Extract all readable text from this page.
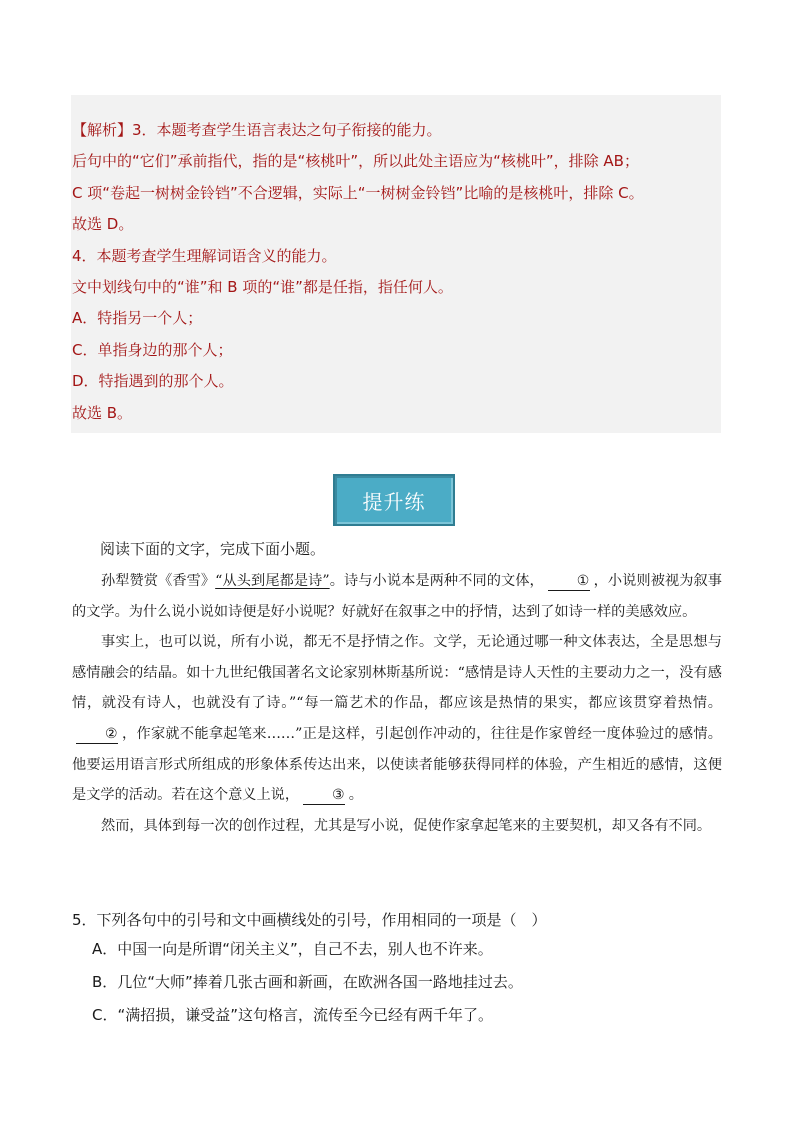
【解析】3．本题考查学生语言表达之句子衔接的能力。
后句中的“它们”承前指代，指的是“核桃叶”，所以此处主语应为“核桃叶”，排除 AB；
C 项“卷起一树树金铃铛”不合逻辑，实际上“一树树金铃铛”比喻的是核桃叶，排除 C。
故选 D。
4．本题考查学生理解词语含义的能力。
文中划线句中的“谁”和 B 项的“谁”都是任指，指任何人。
A．特指另一个人；
C．单指身边的那个人；
D．特指遇到的那个人。
故选 B。
提升练
阅读下面的文字，完成下面小题。

孙犁赞赏《香雪》“从头到尾都是诗”。诗与小说本是两种不同的文体， ① ，小说则被视为叙事的文学。为什么说小说如诗便是好小说呢？好就好在叙事之中的抒情，达到了如诗一样的美感效应。

事实上，也可以说，所有小说，都无不是抒情之作。文学，无论通过哪一种文体表达，全是思想与感情融会的结晶。如十九世纪俄国著名文论家别林斯基所说：“感情是诗人天性的主要动力之一，没有感情，就没有诗人，也就没有了诗。”“每一篇艺术的作品，都应该是热情的果实，都应该贯穿着热情。② ，作家就不能拿起笔来……”正是这样，引起创作冲动的，往往是作家曾经一度体验过的感情。他要运用语言形式所组成的形象体系传达出来，以使读者能够获得同样的体验，产生相近的感情，这便是文学的活动。若在这个意义上说， ③ 。

然而，具体到每一次的创作过程，尤其是写小说，促使作家拿起笔来的主要契机，却又各有不同。

5．下列各句中的引号和文中画横线处的引号，作用相同的一项是（　）
A．中国一向是所谓“闭关主义”，自己不去，别人也不许来。
B．几位“大师”捧着几张古画和新画，在欧洲各国一路地挂过去。
C．“满招损，谦受益”这句格言，流传至今已经有两千年了。
